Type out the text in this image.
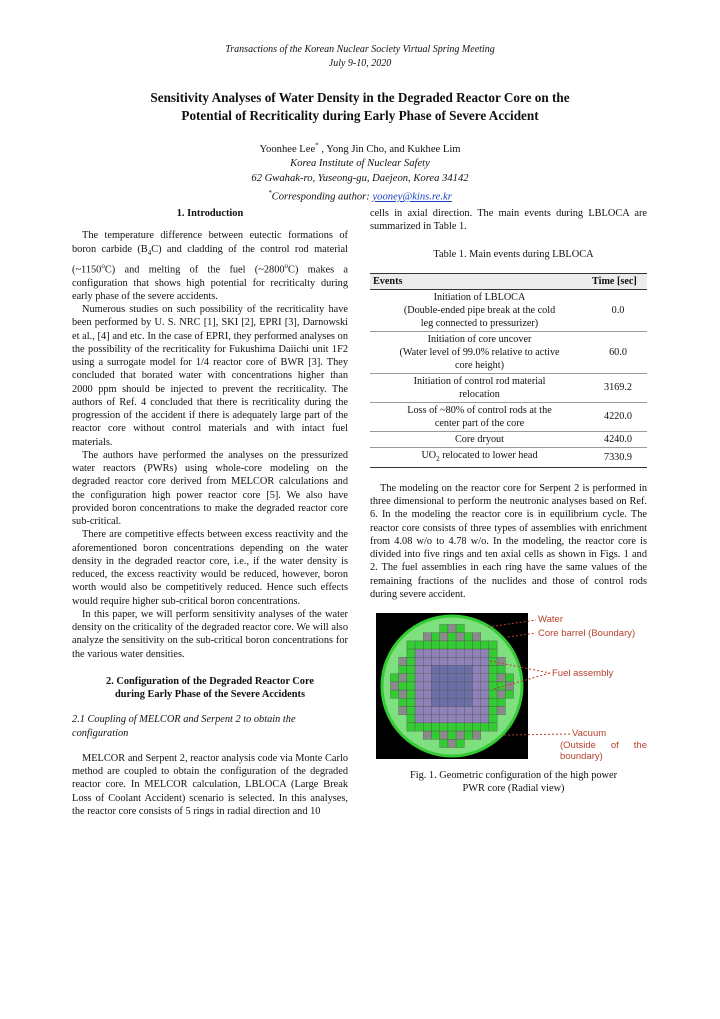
Transactions of the Korean Nuclear Society Virtual Spring Meeting
July 9-10, 2020
Sensitivity Analyses of Water Density in the Degraded Reactor Core on the
Potential of Recriticality during Early Phase of Severe Accident
Yoonhee Lee* , Yong Jin Cho, and Kukhee Lim
Korea Institute of Nuclear Safety
62 Gwahak-ro, Yuseong-gu, Daejeon, Korea 34142
*Corresponding author: yooney@kins.re.kr
1. Introduction

The temperature difference between eutectic formations of boron carbide $(B_4C)$ and cladding of the control rod material (~1150$^o$C) and melting of the fuel (~2800$^o$C) makes a configuration that shows high potential for recriticalty during early phase of the severe accidents.

Numerous studies on such possibility of the recriticality have been performed by U. S. NRC [1], SKI [2], EPRI [3], Darnowski et al., [4] and etc. In the case of EPRI, they performed analyses on the possibility of the recriticality for Fukushima Daiichi unit 1F2 using a surrogate model for 1/4 reactor core of BWR [3]. They concluded that borated water with concentrations higher than 2000 ppm should be injected to prevent the recriticality. The authors of Ref. 4 concluded that there is recriticality during the progression of the accident if there is adequately large part of the reactor core without control materials and with intact fuel materials.

The authors have performed the analyses on the pressurized water reactors (PWRs) using whole-core modeling on the degraded reactor core derived from MELCOR calculations and the configuration high power reactor core [5]. We also have provided boron concentrations to make the degraded reactor core sub-critical.

There are competitive effects between excess reactivity and the aforementioned boron concentrations depending on the water density in the degraded reactor core, i.e., if the water density is reduced, the excess reactivity would be reduced, however, boron worth would also be competitively reduced. Hence such effects would require higher sub-critical boron concentrations.

In this paper, we will perform sensitivity analyses of the water density on the criticality of the degraded reactor core. We will also analyze the sensitivity on the sub-critical boron concentrations for the various water densities.

2. Configuration of the Degraded Reactor Core
during Early Phase of the Severe Accidents

2.1 Coupling of MELCOR and Serpent 2 to obtain the configuration

MELCOR and Serpent 2, reactor analysis code via Monte Carlo method are coupled to obtain the configuration of the degraded reactor core. In MELCOR calculation, LBLOCA (Large Break Loss of Coolant Accident) scenario is selected. In this analyses, the reactor core consists of 5 rings in radial direction and 10

cells in axial direction. The main events during LBLOCA are summarized in Table 1.

Table 1. Main events during LBLOCA

Events	Time [sec]

Initiation of LBLOCA
(Double-ended pipe break at the cold
leg connected to pressurizer)	0.0

Initiation of core uncover
(Water level of 99.0% relative to active
core height)	60.0

Initiation of control rod material
relocation	3169.2

Loss of ~80% of control rods at the
center part of the core	4220.0

Core dryout	4240.0
$UO_2$ relocated to lower head	7330.9

The modeling on the reactor core for Serpent 2 is performed in three dimensional to perform the neutronic analyses based on Ref. 6. In the modeling the reactor core is in equilibrium cycle. The reactor core consists of three types of assemblies with enrichment from 4.08 w/o to 4.78 w/o. In the modeling, the reactor core is divided into five rings and ten axial cells as shown in Figs. 1 and 2. The fuel assemblies in each ring have the same values of the remaining fractions of the nuclides and those of control rods during severe accident.

Water
Core barrel (Boundary)
Fuel assembly
Vacuum
(Outside of the boundary)

Fig. 1. Geometric configuration of the high power
PWR core (Radial view)
